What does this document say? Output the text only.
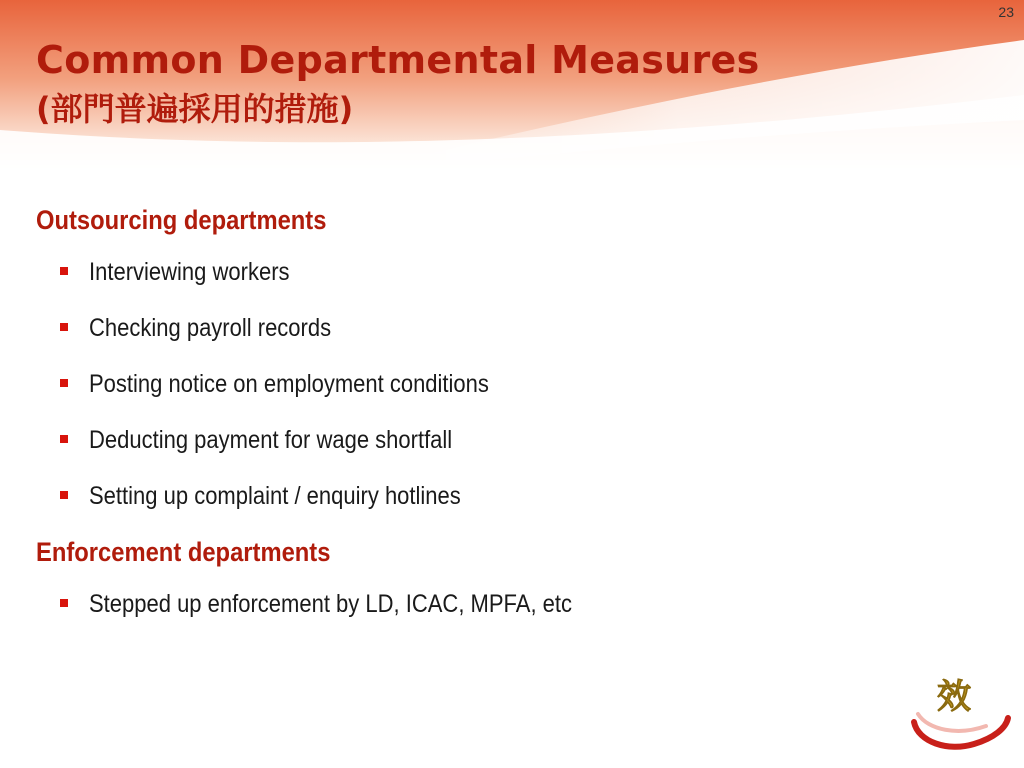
23
Common Departmental Measures
(部門普遍採用的措施)
Outsourcing departments
Interviewing workers
Checking payroll records
Posting notice on employment conditions
Deducting payment for wage shortfall
Setting up complaint / enquiry hotlines
Enforcement departments
Stepped up enforcement by LD, ICAC, MPFA, etc
效
